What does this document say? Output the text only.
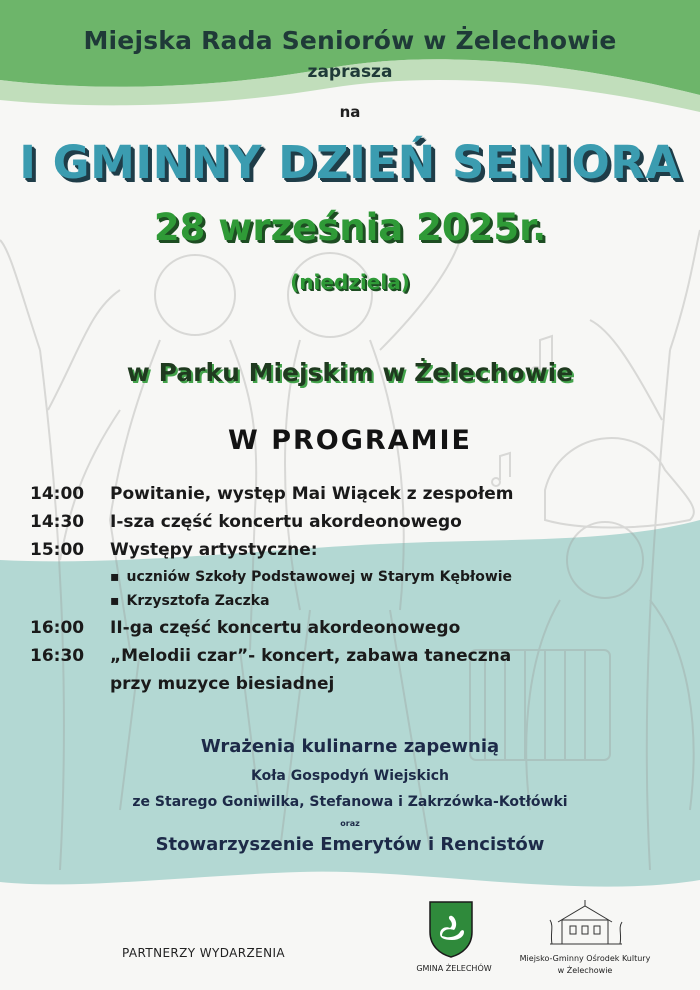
Miejska Rada Seniorów w Żelechowie
zaprasza
na
I GMINNY DZIEŃ SENIORA
28 września 2025r.
(niedziela)
w Parku Miejskim w Żelechowie
W PROGRAMIE
14:00 Powitanie, występ Mai Wiącek z zespołem
14:30 I-sza część koncertu akordeonowego
15:00 Występy artystyczne:
▪ uczniów Szkoły Podstawowej w Starym Kębłowie
▪ Krzysztofa Zaczka
16:00 II-ga część koncertu akordeonowego
16:30 „Melodii czar”- koncert, zabawa taneczna
przy muzyce biesiadnej
Wrażenia kulinarne zapewnią
Koła Gospodyń Wiejskich
ze Starego Goniwilka, Stefanowa i Zakrzówka-Kotłówki
oraz
Stowarzyszenie Emerytów i Rencistów
PARTNERZY WYDARZENIA
GMINA ŻELECHÓW
Miejsko-Gminny Ośrodek Kultury
w Żelechowie
